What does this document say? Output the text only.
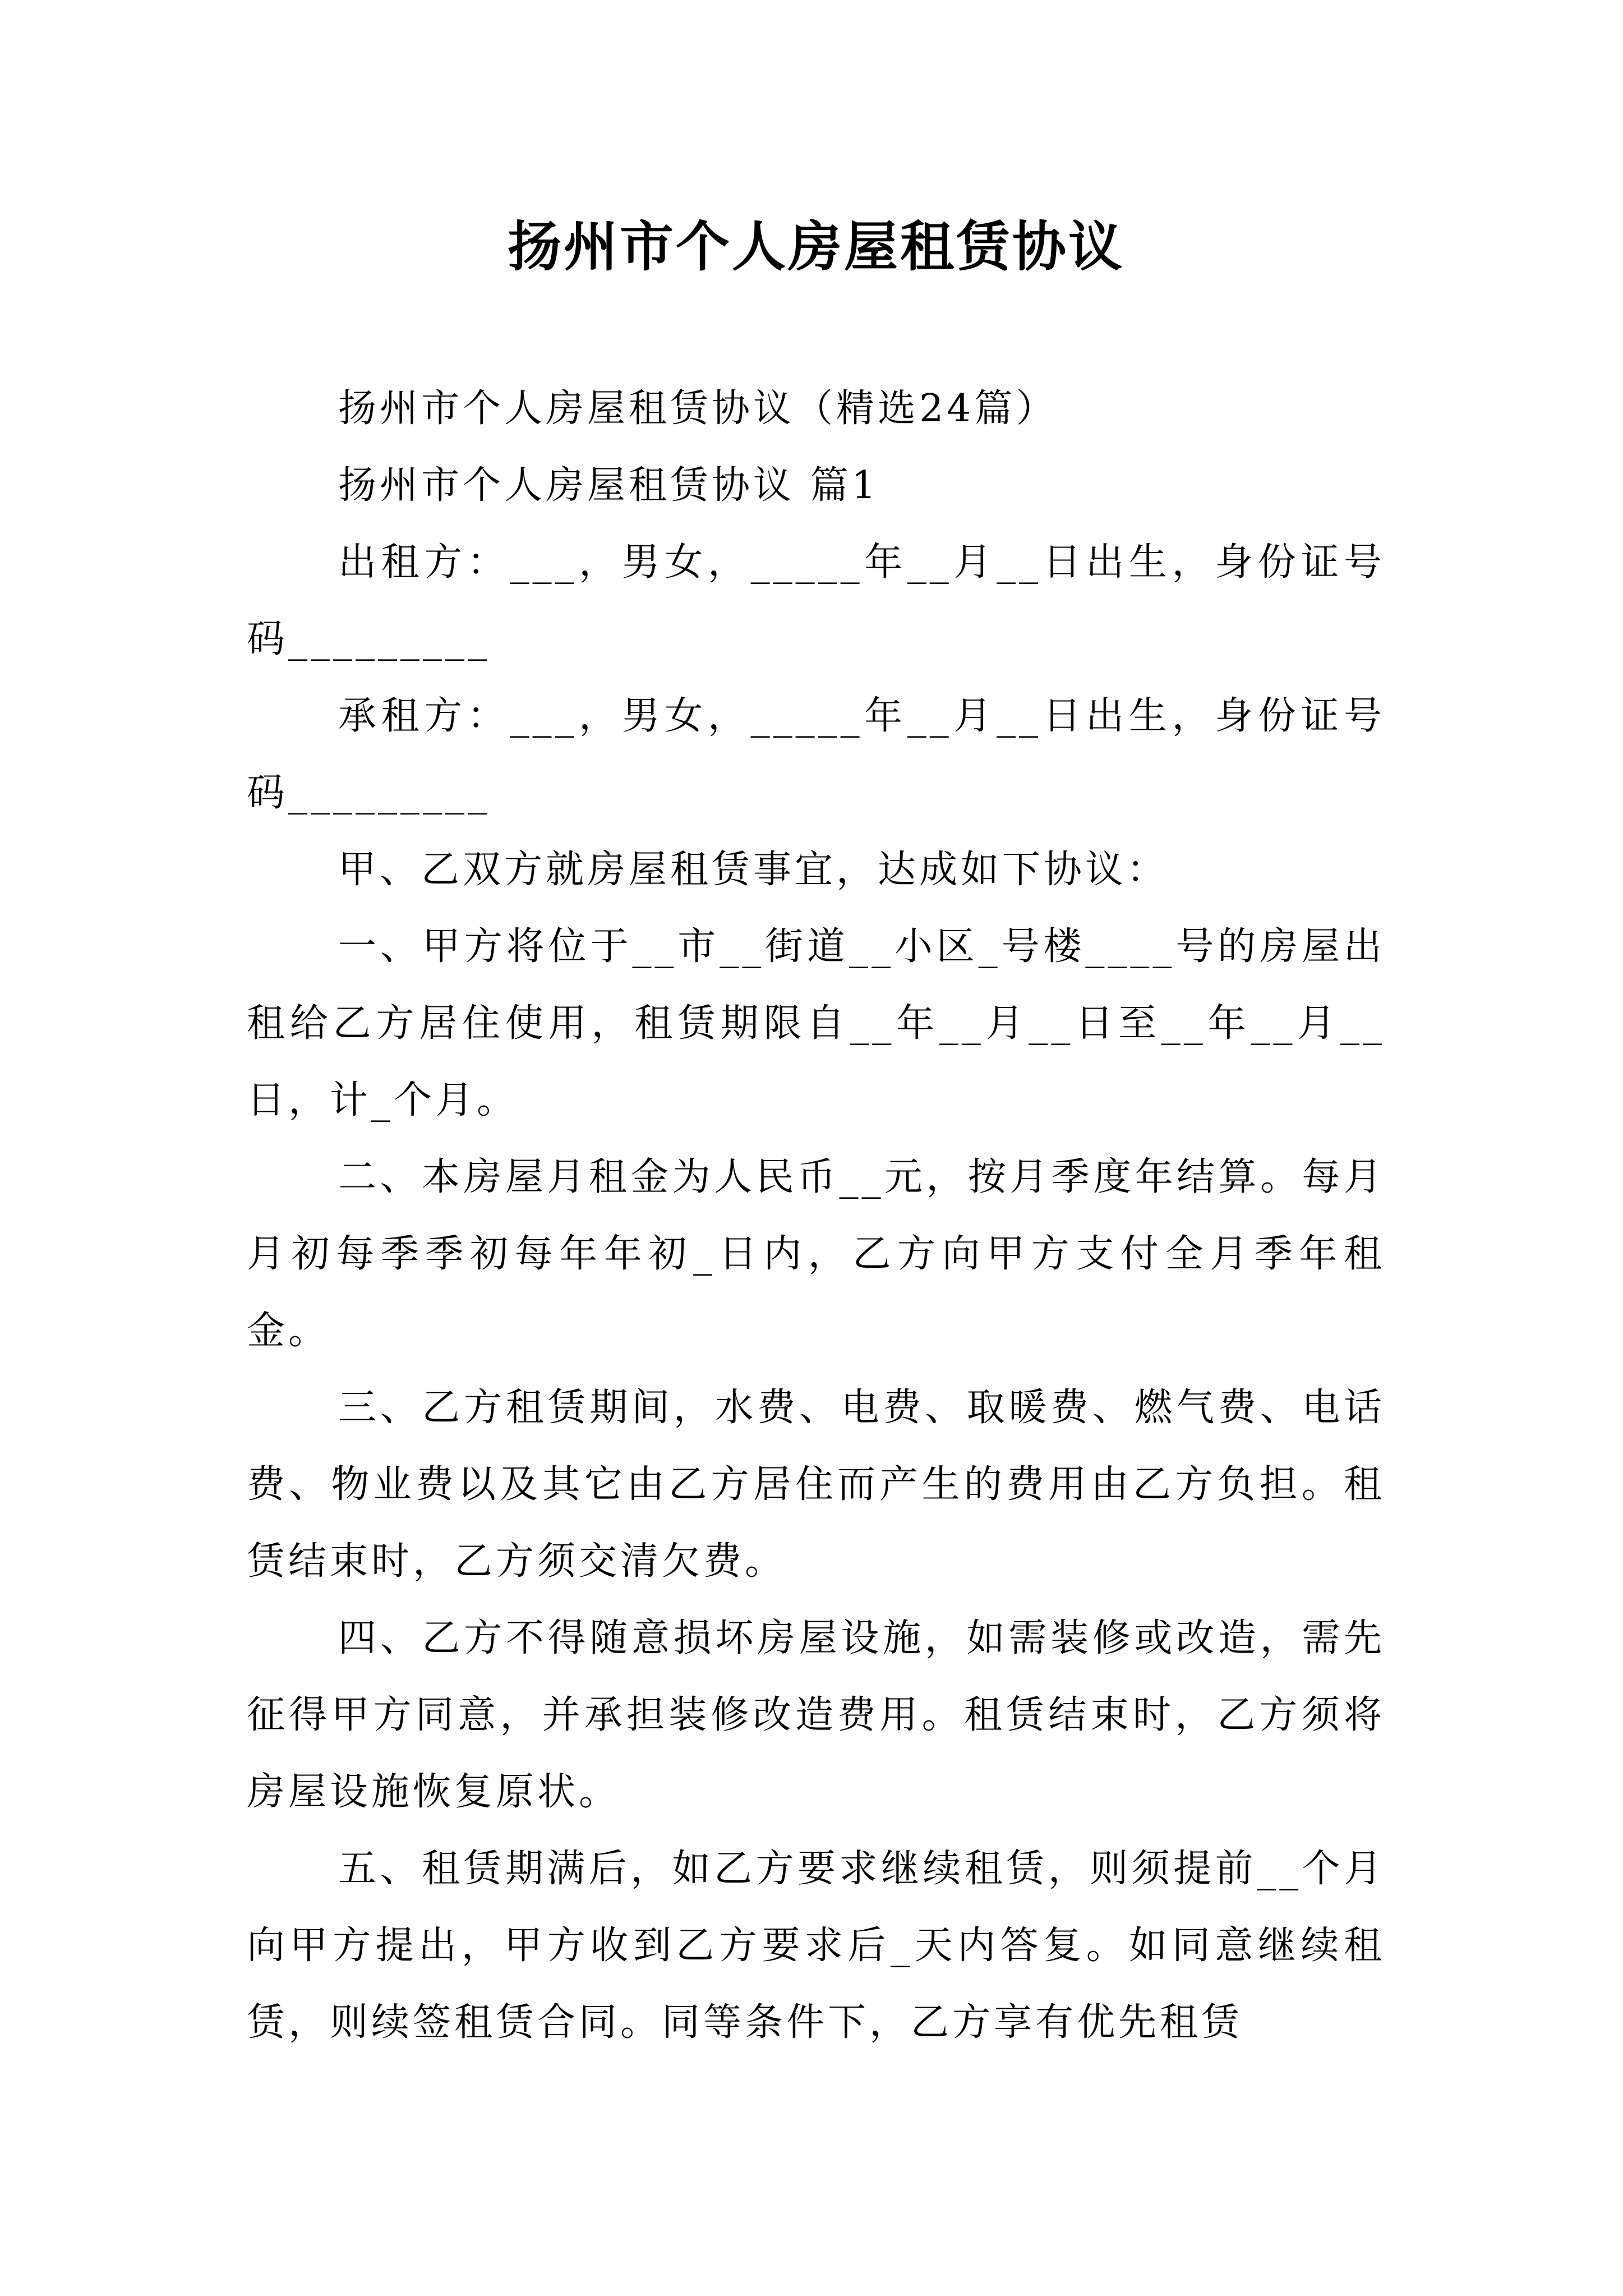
扬州市个人房屋租赁协议

扬州市个人房屋租赁协议（精选24篇）

扬州市个人房屋租赁协议 篇1

出租方：___，男女，_____年__月__日出生，身份证号码_________

承租方：___，男女，_____年__月__日出生，身份证号码_________

甲、乙双方就房屋租赁事宜，达成如下协议：

一、甲方将位于__市__街道__小区_号楼____号的房屋出租给乙方居住使用，租赁期限自__年__月__日至__年__月__日，计_个月。

二、本房屋月租金为人民币__元，按月季度年结算。每月月初每季季初每年年初_日内，乙方向甲方支付全月季年租金。

三、乙方租赁期间，水费、电费、取暖费、燃气费、电话费、物业费以及其它由乙方居住而产生的费用由乙方负担。租赁结束时，乙方须交清欠费。

四、乙方不得随意损坏房屋设施，如需装修或改造，需先征得甲方同意，并承担装修改造费用。租赁结束时，乙方须将房屋设施恢复原状。

五、租赁期满后，如乙方要求继续租赁，则须提前__个月向甲方提出，甲方收到乙方要求后_天内答复。如同意继续租赁，则续签租赁合同。同等条件下，乙方享有优先租赁
